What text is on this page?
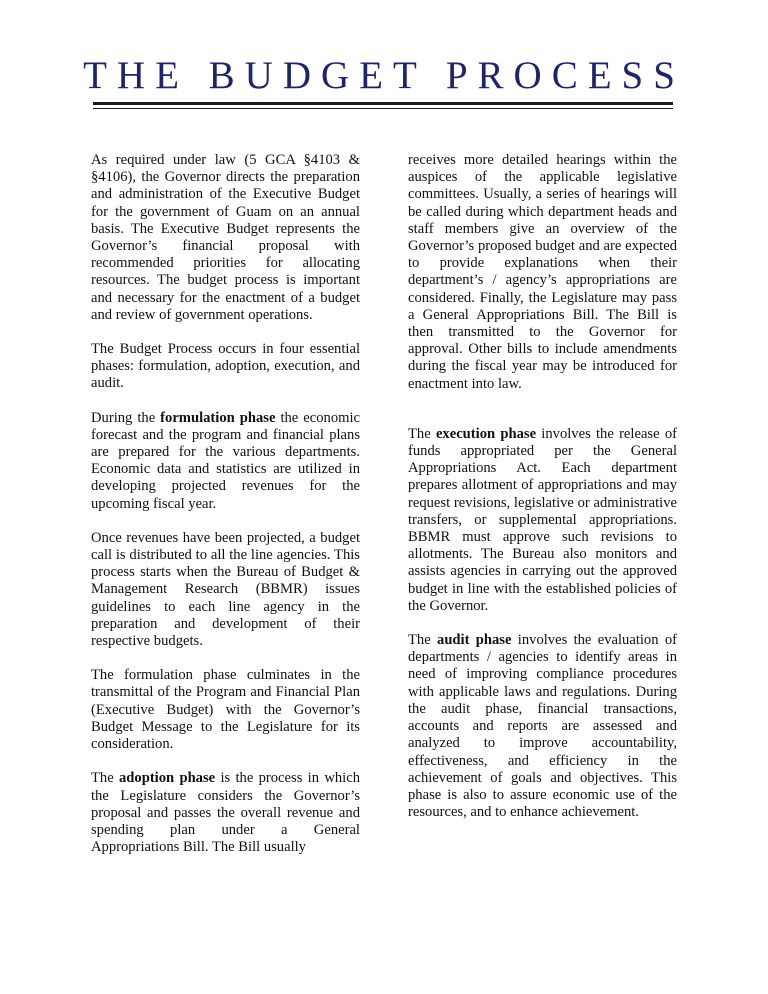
THE BUDGET PROCESS

As required under law (5 GCA §4103 & §4106), the Governor directs the preparation and administration of the Executive Budget for the government of Guam on an annual basis. The Executive Budget represents the Governor’s financial proposal with recommended priorities for allocating resources. The budget process is important and necessary for the enactment of a budget and review of government operations.

The Budget Process occurs in four essential phases: formulation, adoption, execution, and audit.

During the formulation phase the economic forecast and the program and financial plans are prepared for the various departments. Economic data and statistics are utilized in developing projected revenues for the upcoming fiscal year.

Once revenues have been projected, a budget call is distributed to all the line agencies. This process starts when the Bureau of Budget & Management Research (BBMR) issues guidelines to each line agency in the preparation and development of their respective budgets.

The formulation phase culminates in the transmittal of the Program and Financial Plan (Executive Budget) with the Governor’s Budget Message to the Legislature for its consideration.

The adoption phase is the process in which the Legislature considers the Governor’s proposal and passes the overall revenue and spending plan under a General Appropriations Bill. The Bill usually

receives more detailed hearings within the auspices of the applicable legislative committees. Usually, a series of hearings will be called during which department heads and staff members give an overview of the Governor’s proposed budget and are expected to provide explanations when their department’s / agency’s appropriations are considered. Finally, the Legislature may pass a General Appropriations Bill. The Bill is then transmitted to the Governor for approval. Other bills to include amendments during the fiscal year may be introduced for enactment into law.

The execution phase involves the release of funds appropriated per the General Appropriations Act. Each department prepares allotment of appropriations and may request revisions, legislative or administrative transfers, or supplemental appropriations. BBMR must approve such revisions to allotments. The Bureau also monitors and assists agencies in carrying out the approved budget in line with the established policies of the Governor.

The audit phase involves the evaluation of departments / agencies to identify areas in need of improving compliance procedures with applicable laws and regulations. During the audit phase, financial transactions, accounts and reports are assessed and analyzed to improve accountability, effectiveness, and efficiency in the achievement of goals and objectives. This phase is also to assure economic use of the resources, and to enhance achievement.
